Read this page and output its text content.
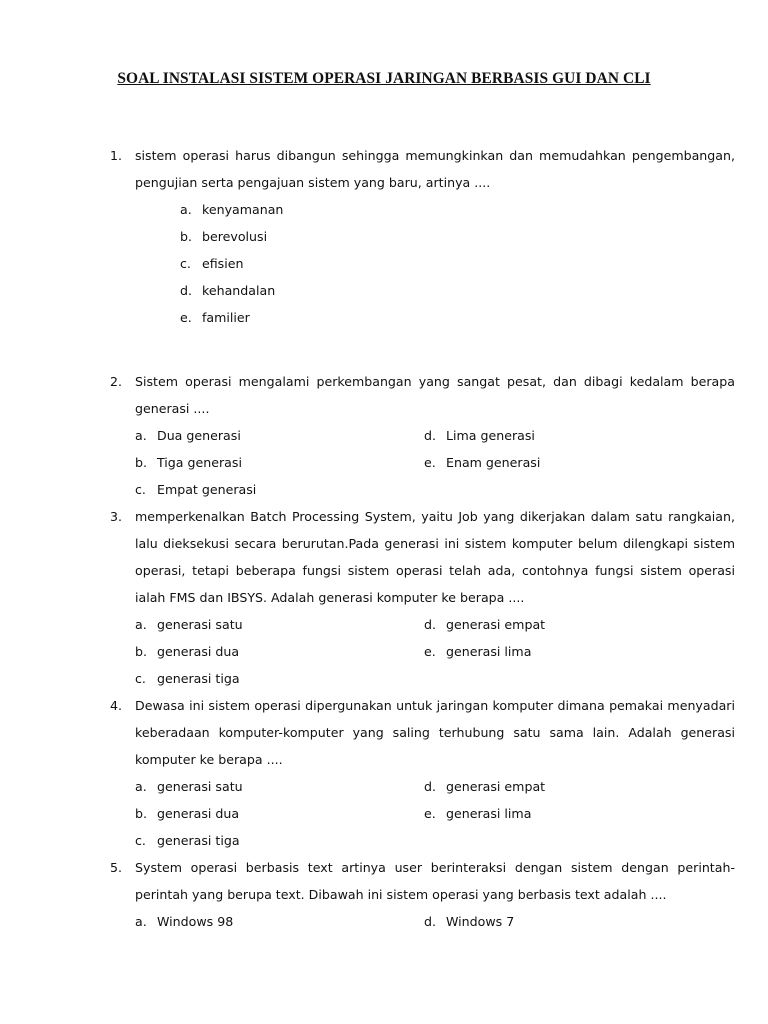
SOAL INSTALASI SISTEM OPERASI JARINGAN BERBASIS GUI DAN CLI
1. sistem operasi harus dibangun sehingga memungkinkan dan memudahkan pengembangan, pengujian serta pengajuan sistem yang baru, artinya ....
a. kenyamanan
b. berevolusi
c. efisien
d. kehandalan
e. familier
2. Sistem operasi mengalami perkembangan yang sangat pesat, dan dibagi kedalam berapa generasi ....
a. Dua generasi	d. Lima generasi
b. Tiga generasi	e. Enam generasi
c. Empat generasi
3. memperkenalkan Batch Processing System, yaitu Job yang dikerjakan dalam satu rangkaian, lalu dieksekusi secara berurutan.Pada generasi ini sistem komputer belum dilengkapi sistem operasi, tetapi beberapa fungsi sistem operasi telah ada, contohnya fungsi sistem operasi ialah FMS dan IBSYS. Adalah generasi komputer ke berapa ....
a. generasi satu	d. generasi empat
b. generasi dua	e. generasi lima
c. generasi tiga
4. Dewasa ini sistem operasi dipergunakan untuk jaringan komputer dimana pemakai menyadari keberadaan komputer-komputer yang saling terhubung satu sama lain. Adalah generasi komputer ke berapa ....
a. generasi satu	d. generasi empat
b. generasi dua	e. generasi lima
c. generasi tiga
5. System operasi berbasis text artinya user berinteraksi dengan sistem dengan perintah-perintah yang berupa text. Dibawah ini sistem operasi yang berbasis text adalah ....
a. Windows 98	d. Windows 7
